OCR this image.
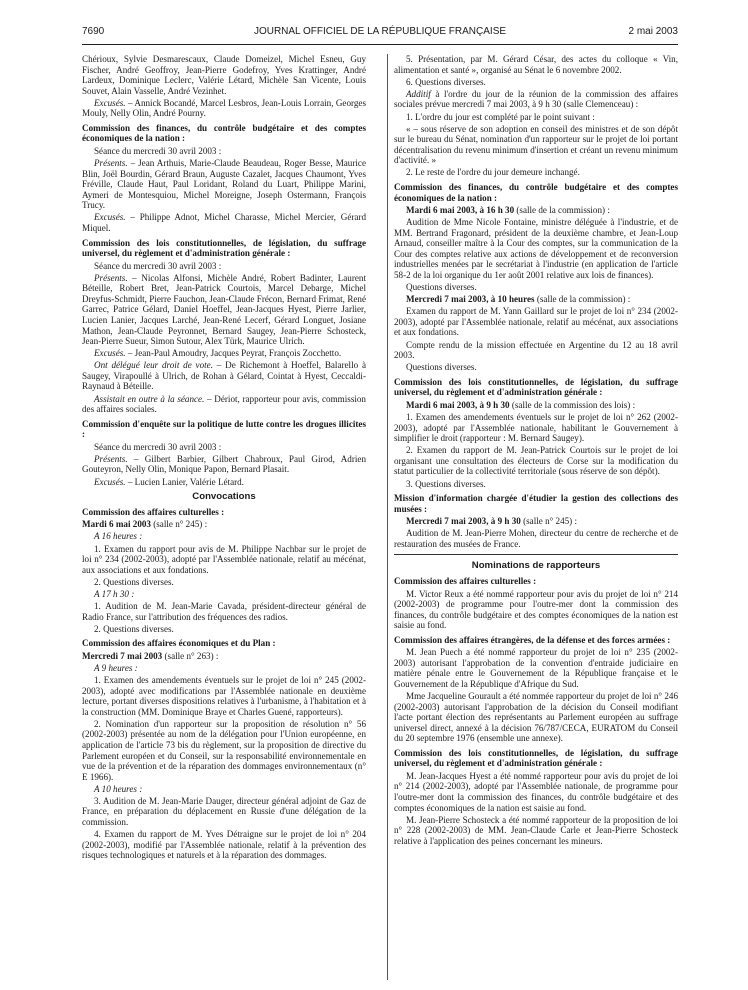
7690	JOURNAL OFFICIEL DE LA RÉPUBLIQUE FRANÇAISE	2 mai 2003

Chérioux, Sylvie Desmarescaux, Claude Domeizel, Michel Esneu, Guy Fischer, André Geoffroy, Jean-Pierre Godefroy, Yves Krattinger, André Lardeux, Dominique Leclerc, Valérie Létard, Michèle San Vicente, Louis Souvet, Alain Vasselle, André Vezinhet.

Excusés. – Annick Bocandé, Marcel Lesbros, Jean-Louis Lorrain, Georges Mouly, Nelly Olin, André Pourny.

Commission des finances, du contrôle budgétaire et des comptes économiques de la nation :

Séance du mercredi 30 avril 2003 :

Présents. – Jean Arthuis, Marie-Claude Beaudeau, Roger Besse, Maurice Blin, Joël Bourdin, Gérard Braun, Auguste Cazalet, Jacques Chaumont, Yves Fréville, Claude Haut, Paul Loridant, Roland du Luart, Philippe Marini, Aymeri de Montesquiou, Michel Moreigne, Joseph Ostermann, François Trucy.

Excusés. – Philippe Adnot, Michel Charasse, Michel Mercier, Gérard Miquel.

Commission des lois constitutionnelles, de législation, du suffrage universel, du règlement et d'administration générale :

Séance du mercredi 30 avril 2003 :

Présents. – Nicolas Alfonsi, Michèle André, Robert Badinter, Laurent Béteille, Robert Bret, Jean-Patrick Courtois, Marcel Debarge, Michel Dreyfus-Schmidt, Pierre Fauchon, Jean-Claude Frécon, Bernard Frimat, René Garrec, Patrice Gélard, Daniel Hoeffel, Jean-Jacques Hyest, Pierre Jarlier, Lucien Lanier, Jacques Larché, Jean-René Lecerf, Gérard Longuet, Josiane Mathon, Jean-Claude Peyronnet, Bernard Saugey, Jean-Pierre Schosteck, Jean-Pierre Sueur, Simon Sutour, Alex Türk, Maurice Ulrich.

Excusés. – Jean-Paul Amoudry, Jacques Peyrat, François Zocchetto.

Ont délégué leur droit de vote. – De Richemont à Hoeffel, Balarello à Saugey, Virapoullé à Ulrich, de Rohan à Gélard, Cointat à Hyest, Ceccaldi-Raynaud à Béteille.

Assistait en outre à la séance. – Dériot, rapporteur pour avis, commission des affaires sociales.

Commission d'enquête sur la politique de lutte contre les drogues illicites :

Séance du mercredi 30 avril 2003 :

Présents. – Gilbert Barbier, Gilbert Chabroux, Paul Girod, Adrien Gouteyron, Nelly Olin, Monique Papon, Bernard Plasait.

Excusés. – Lucien Lanier, Valérie Létard.

Convocations
Commission des affaires culturelles :

Mardi 6 mai 2003 (salle n° 245) :

A 16 heures :

1. Examen du rapport pour avis de M. Philippe Nachbar sur le projet de loi n° 234 (2002-2003), adopté par l'Assemblée nationale, relatif au mécénat, aux associations et aux fondations.

2. Questions diverses.

A 17 h 30 :

1. Audition de M. Jean-Marie Cavada, président-directeur général de Radio France, sur l'attribution des fréquences des radios.

2. Questions diverses.

Commission des affaires économiques et du Plan :

Mercredi 7 mai 2003 (salle n° 263) :

A 9 heures :

1. Examen des amendements éventuels sur le projet de loi n° 245 (2002-2003), adopté avec modifications par l'Assemblée nationale en deuxième lecture, portant diverses dispositions relatives à l'urbanisme, à l'habitation et à la construction (MM. Dominique Braye et Charles Guené, rapporteurs).

2. Nomination d'un rapporteur sur la proposition de résolution n° 56 (2002-2003) présentée au nom de la délégation pour l'Union européenne, en application de l'article 73 bis du règlement, sur la proposition de directive du Parlement européen et du Conseil, sur la responsabilité environnementale en vue de la prévention et de la réparation des dommages environnementaux (n° E 1966).

A 10 heures :

3. Audition de M. Jean-Marie Dauger, directeur général adjoint de Gaz de France, en préparation du déplacement en Russie d'une délégation de la commission.

4. Examen du rapport de M. Yves Détraigne sur le projet de loi n° 204 (2002-2003), modifié par l'Assemblée nationale, relatif à la prévention des risques technologiques et naturels et à la réparation des dommages.

5. Présentation, par M. Gérard César, des actes du colloque « Vin, alimentation et santé », organisé au Sénat le 6 novembre 2002.

6. Questions diverses.

Additif à l'ordre du jour de la réunion de la commission des affaires sociales prévue mercredi 7 mai 2003, à 9 h 30 (salle Clemenceau) :

1. L'ordre du jour est complété par le point suivant :

« – sous réserve de son adoption en conseil des ministres et de son dépôt sur le bureau du Sénat, nomination d'un rapporteur sur le projet de loi portant décentralisation du revenu minimum d'insertion et créant un revenu minimum d'activité. »

2. Le reste de l'ordre du jour demeure inchangé.

Commission des finances, du contrôle budgétaire et des comptes économiques de la nation :

Mardi 6 mai 2003, à 16 h 30 (salle de la commission) :

Audition de Mme Nicole Fontaine, ministre déléguée à l'industrie, et de MM. Bertrand Fragonard, président de la deuxième chambre, et Jean-Loup Arnaud, conseiller maître à la Cour des comptes, sur la communication de la Cour des comptes relative aux actions de développement et de reconversion industrielles menées par le secrétariat à l'industrie (en application de l'article 58-2 de la loi organique du 1er août 2001 relative aux lois de finances).

Questions diverses.

Mercredi 7 mai 2003, à 10 heures (salle de la commission) :

Examen du rapport de M. Yann Gaillard sur le projet de loi n° 234 (2002-2003), adopté par l'Assemblée nationale, relatif au mécénat, aux associations et aux fondations.

Compte rendu de la mission effectuée en Argentine du 12 au 18 avril 2003.

Questions diverses.

Commission des lois constitutionnelles, de législation, du suffrage universel, du règlement et d'administration générale :

Mardi 6 mai 2003, à 9 h 30 (salle de la commission des lois) :

1. Examen des amendements éventuels sur le projet de loi n° 262 (2002-2003), adopté par l'Assemblée nationale, habilitant le Gouvernement à simplifier le droit (rapporteur : M. Bernard Saugey).

2. Examen du rapport de M. Jean-Patrick Courtois sur le projet de loi organisant une consultation des électeurs de Corse sur la modification du statut particulier de la collectivité territoriale (sous réserve de son dépôt).

3. Questions diverses.

Mission d'information chargée d'étudier la gestion des collections des musées :

Mercredi 7 mai 2003, à 9 h 30 (salle n° 245) :

Audition de M. Jean-Pierre Mohen, directeur du centre de recherche et de restauration des musées de France.

Nominations de rapporteurs
Commission des affaires culturelles :

M. Victor Reux a été nommé rapporteur pour avis du projet de loi n° 214 (2002-2003) de programme pour l'outre-mer dont la commission des finances, du contrôle budgétaire et des comptes économiques de la nation est saisie au fond.

Commission des affaires étrangères, de la défense et des forces armées :

M. Jean Puech a été nommé rapporteur du projet de loi n° 235 (2002-2003) autorisant l'approbation de la convention d'entraide judiciaire en matière pénale entre le Gouvernement de la République française et le Gouvernement de la République d'Afrique du Sud.

Mme Jacqueline Gourault a été nommée rapporteur du projet de loi n° 246 (2002-2003) autorisant l'approbation de la décision du Conseil modifiant l'acte portant élection des représentants au Parlement européen au suffrage universel direct, annexé à la décision 76/787/CECA, EURATOM du Conseil du 20 septembre 1976 (ensemble une annexe).

Commission des lois constitutionnelles, de législation, du suffrage universel, du règlement et d'administration générale :

M. Jean-Jacques Hyest a été nommé rapporteur pour avis du projet de loi n° 214 (2002-2003), adopté par l'Assemblée nationale, de programme pour l'outre-mer dont la commission des finances, du contrôle budgétaire et des comptes économiques de la nation est saisie au fond.

M. Jean-Pierre Schosteck a été nommé rapporteur de la proposition de loi n° 228 (2002-2003) de MM. Jean-Claude Carle et Jean-Pierre Schosteck relative à l'application des peines concernant les mineurs.
